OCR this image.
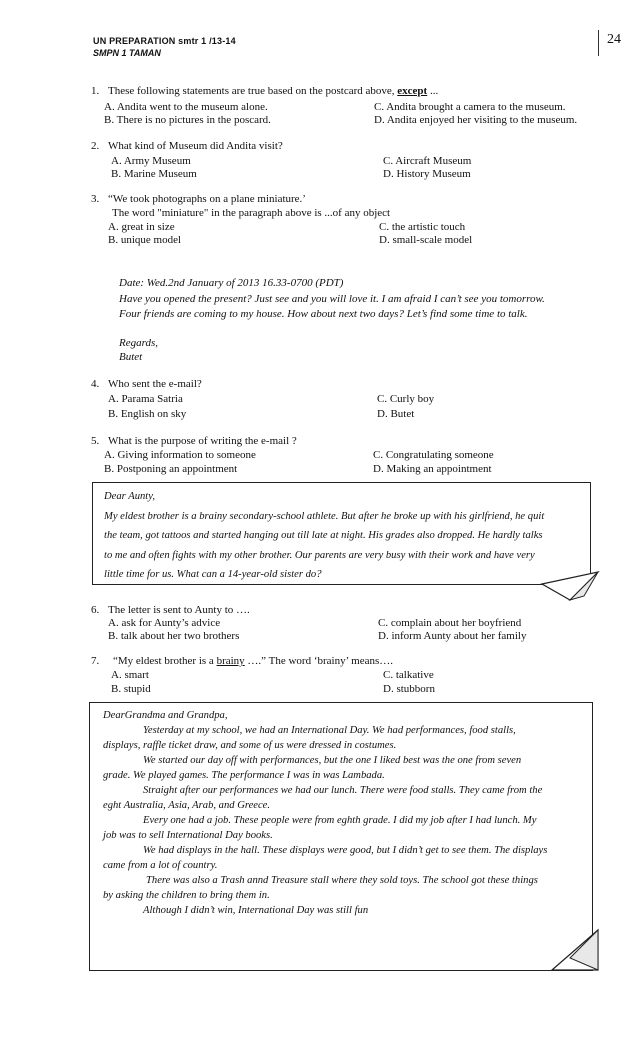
UN PREPARATION smtr 1 /13-14
SMPN 1 TAMAN
24
1. These following statements are true based on the postcard above, except ...
A. Andita went to the museum alone.
B. There is no pictures in the poscard.
C. Andita brought a camera to the museum.
D. Andita enjoyed her visiting to the museum.
2. What kind of Museum did Andita visit?
A. Army Museum
B. Marine Museum
C. Aircraft Museum
D. History Museum
3. “We took photographs on a plane miniature.’
The word "miniature" in the paragraph above is ...of any object
A. great in size
B. unique model
C. the artistic touch
D. small-scale model
Date: Wed.2nd January of 2013 16.33-0700 (PDT)
Have you opened the present? Just see and you will love it. I am afraid I can’t see you tomorrow.
Four friends are coming to my house. How about next two days? Let’s find some time to talk.
Regards,
Butet
4. Who sent the e-mail?
A. Parama Satria
B. English on sky
C. Curly boy
D. Butet
5. What is the purpose of writing the e-mail ?
A. Giving information to someone
B. Postponing an appointment
C. Congratulating someone
D. Making an appointment
Dear Aunty,
My eldest brother is a brainy secondary-school athlete. But after he broke up with his girlfriend, he quit
the team, got tattoos and started hanging out till late at night. His grades also dropped. He hardly talks
to me and often fights with my other brother. Our parents are very busy with their work and have very
little time for us. What can a 14-year-old sister do?
6. The letter is sent to Aunty to ….
A. ask for Aunty’s advice
B. talk about her two brothers
C. complain about her boyfriend
D. inform Aunty about her family
7. “My eldest brother is a brainy ….” The word ‘brainy’ means….
A. smart
B. stupid
C. talkative
D. stubborn
DearGrandma and Grandpa,
Yesterday at my school, we had an International Day. We had performances, food stalls,
displays, raffle ticket draw, and some of us were dressed in costumes.
We started our day off with performances, but the one I liked best was the one from seven
grade. We played games. The performance I was in was Lambada.
Straight after our performances we had our lunch. There were food stalls. They came from the
eght Australia, Asia, Arab, and Greece.
Every one had a job. These people were from eghth grade. I did my job after I had lunch. My
job was to sell International Day books.
We had displays in the hall. These displays were good, but I didn’t get to see them. The displays
came from a lot of country.
There was also a Trash annd Treasure stall where they sold toys. The school got these things
by asking the children to bring them in.
Although I didn’t win, International Day was still fun
